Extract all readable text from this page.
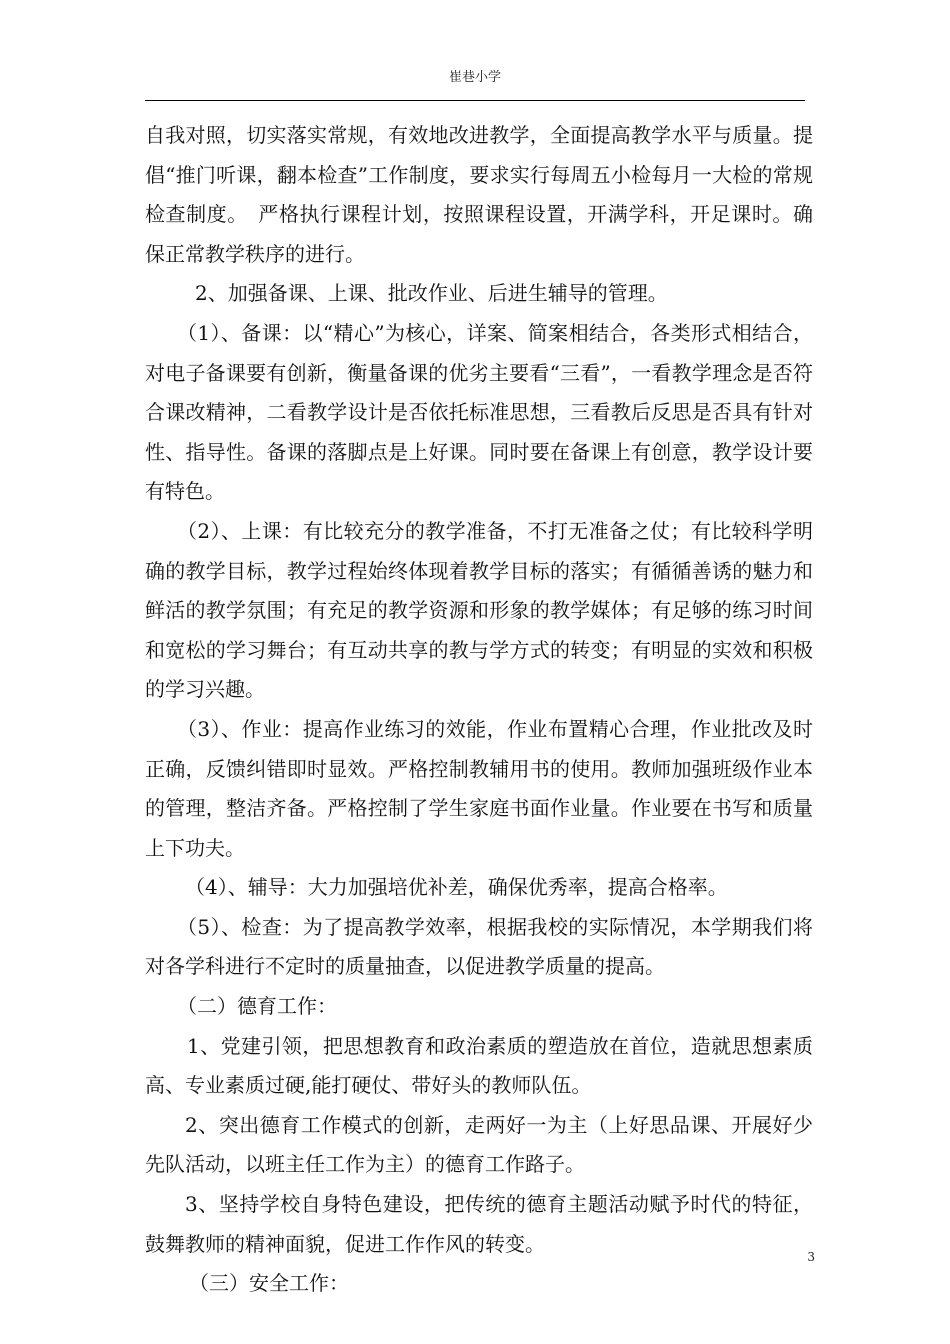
崔巷小学

自我对照，切实落实常规，有效地改进教学，全面提高教学水平与质量。提倡“推门听课，翻本检查”工作制度，要求实行每周五小检每月一大检的常规检查制度。　严格执行课程计划，按照课程设置，开满学科，开足课时。确保正常教学秩序的进行。

2、加强备课、上课、批改作业、后进生辅导的管理。

（1）、备课：以“精心”为核心，详案、简案相结合，各类形式相结合，对电子备课要有创新，衡量备课的优劣主要看“三看”，一看教学理念是否符合课改精神，二看教学设计是否依托标准思想，三看教后反思是否具有针对性、指导性。备课的落脚点是上好课。同时要在备课上有创意，教学设计要有特色。

（2）、上课：有比较充分的教学准备，不打无准备之仗；有比较科学明确的教学目标，教学过程始终体现着教学目标的落实；有循循善诱的魅力和鲜活的教学氛围；有充足的教学资源和形象的教学媒体；有足够的练习时间和宽松的学习舞台；有互动共享的教与学方式的转变；有明显的实效和积极的学习兴趣。

（3）、作业：提高作业练习的效能，作业布置精心合理，作业批改及时正确，反馈纠错即时显效。严格控制教辅用书的使用。教师加强班级作业本的管理，整洁齐备。严格控制了学生家庭书面作业量。作业要在书写和质量上下功夫。

（4）、辅导：大力加强培优补差，确保优秀率，提高合格率。

（5）、检查：为了提高教学效率，根据我校的实际情况，本学期我们将对各学科进行不定时的质量抽查，以促进教学质量的提高。

（二）德育工作：

1、党建引领，把思想教育和政治素质的塑造放在首位，造就思想素质高、专业素质过硬,能打硬仗、带好头的教师队伍。

2、突出德育工作模式的创新，走两好一为主（上好思品课、开展好少先队活动，以班主任工作为主）的德育工作路子。

3、坚持学校自身特色建设，把传统的德育主题活动赋予时代的特征，鼓舞教师的精神面貌，促进工作作风的转变。

（三）安全工作：

3
